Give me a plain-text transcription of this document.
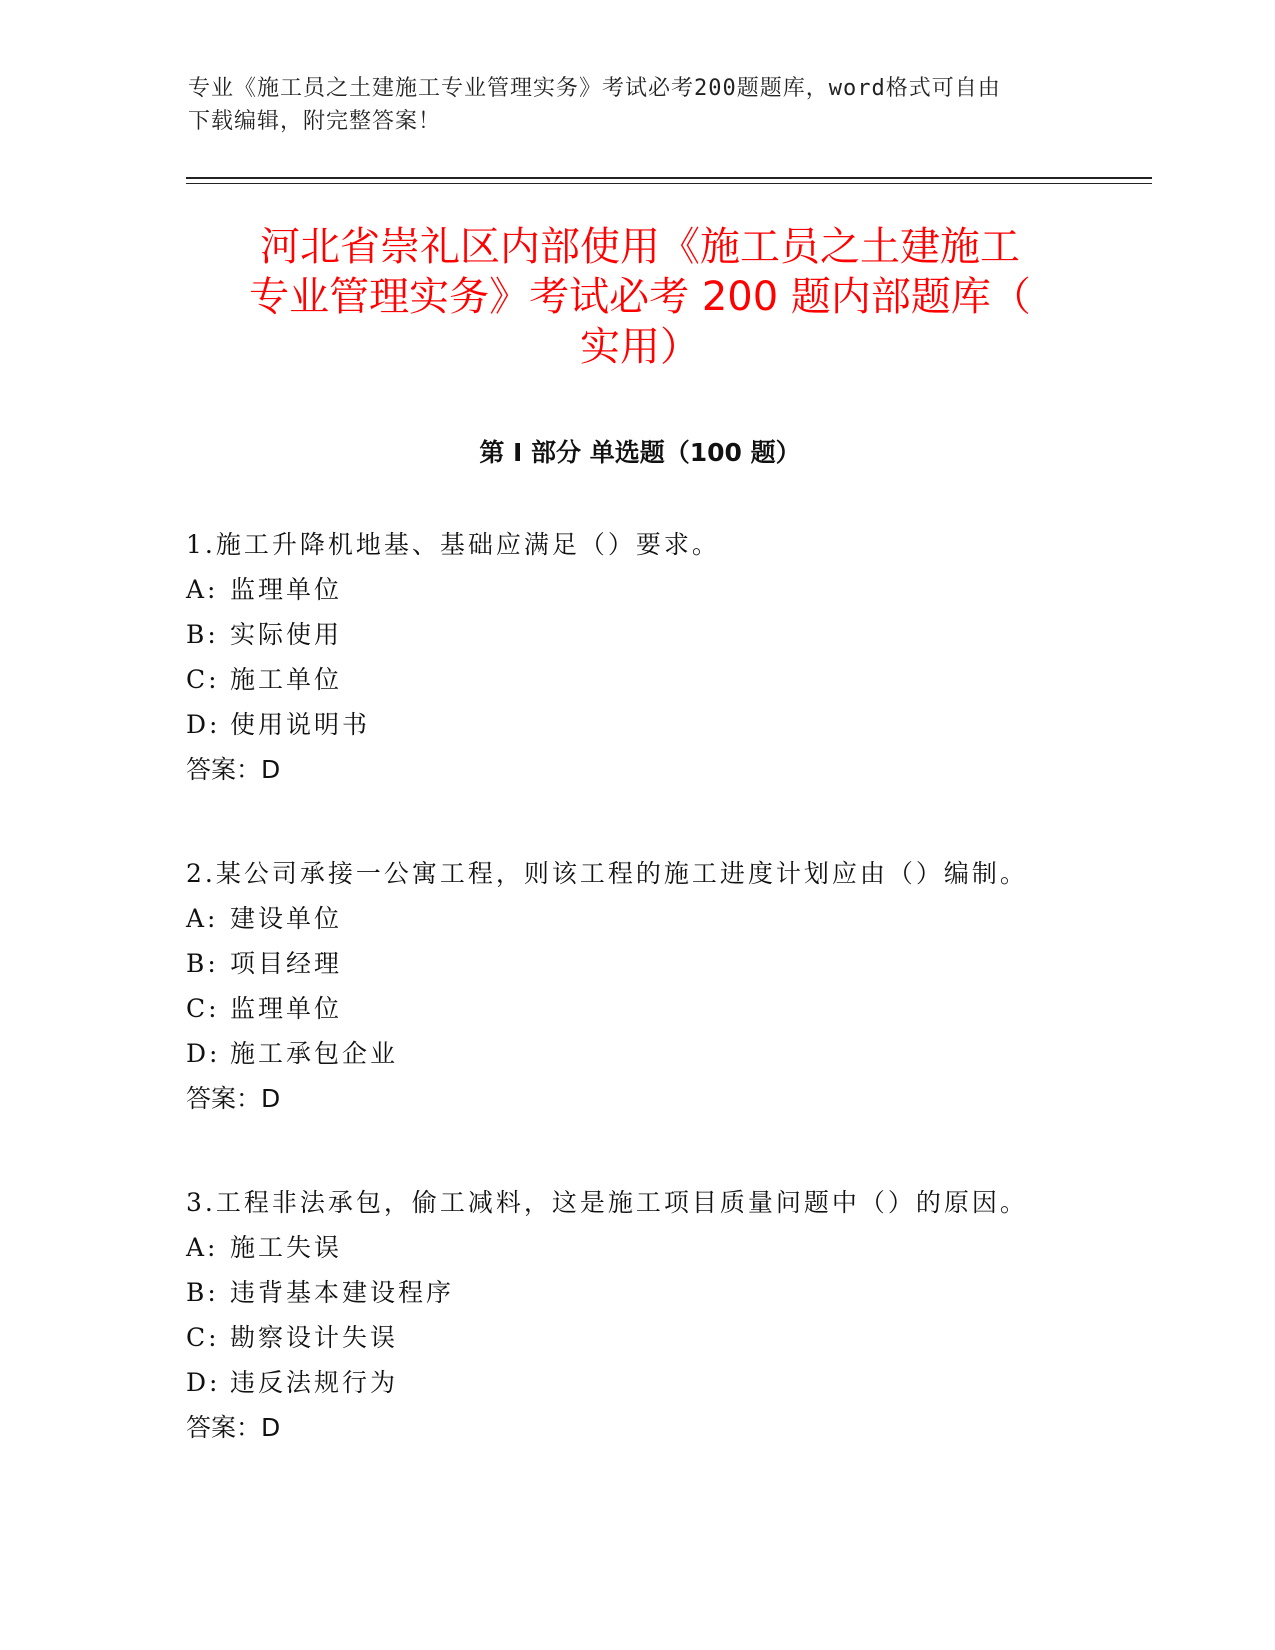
专业《施工员之土建施工专业管理实务》考试必考200题题库，word格式可自由
下载编辑，附完整答案！
河北省崇礼区内部使用《施工员之土建施工
专业管理实务》考试必考 200 题内部题库（
实用）
第 I 部分 单选题（100 题）
1.施工升降机地基、基础应满足（）要求。
A: 监理单位
B: 实际使用
C: 施工单位
D: 使用说明书
答案：D
2.某公司承接一公寓工程，则该工程的施工进度计划应由（）编制。
A: 建设单位
B: 项目经理
C: 监理单位
D: 施工承包企业
答案：D
3.工程非法承包，偷工减料，这是施工项目质量问题中（）的原因。
A: 施工失误
B: 违背基本建设程序
C: 勘察设计失误
D: 违反法规行为
答案：D
